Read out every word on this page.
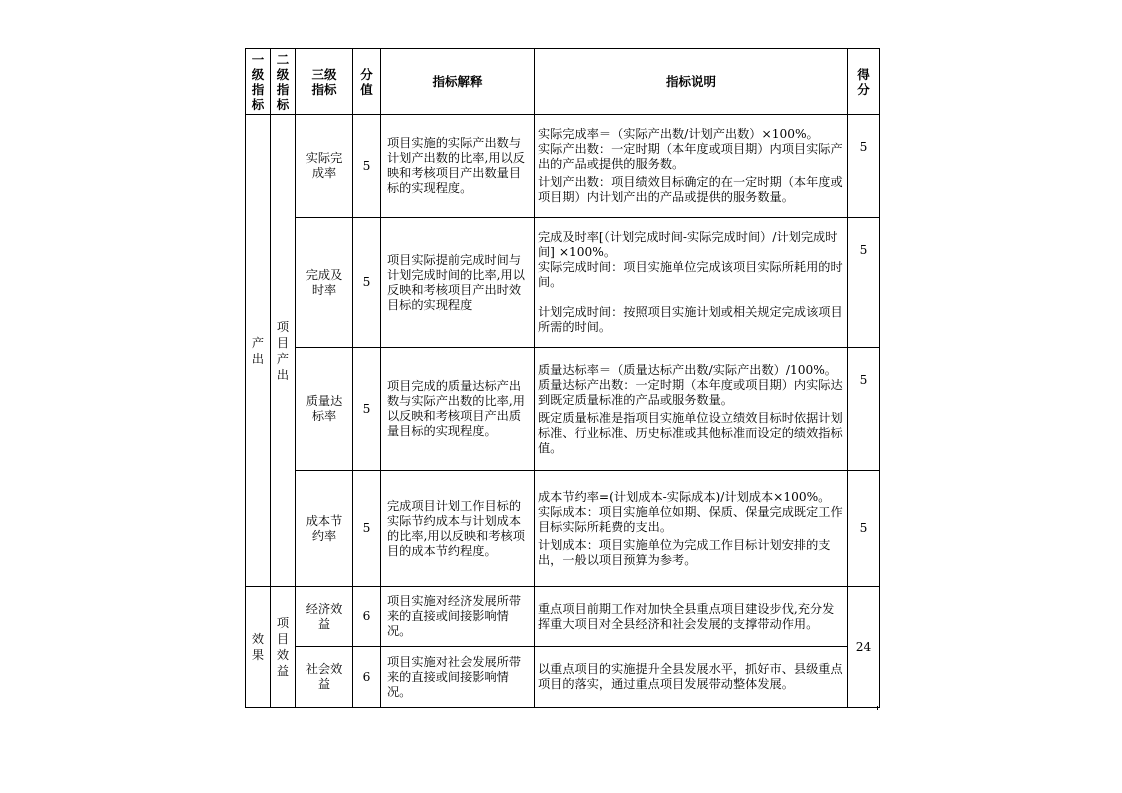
一级指标	二级指标	三级指标	分值	指标解释	指标说明	得分

产出	项目产出	实际完成率	5	项目实施的实际产出数与计划产出数的比率,用以反映和考核项目产出数量目标的实现程度。	实际完成率＝（实际产出数/计划产出数）×100%。

实际产出数：一定时期（本年度或项目期）内项目实际产出的产品或提供的服务数。

计划产出数：项目绩效目标确定的在一定时期（本年度或项目期）内计划产出的产品或提供的服务数量。	5

		完成及时率	5	项目实际提前完成时间与计划完成时间的比率,用以反映和考核项目产出时效目标的实现程度	完成及时率[（计划完成时间-实际完成时间）/计划完成时间] ×100%。

实际完成时间：项目实施单位完成该项目实际所耗用的时间。

计划完成时间：按照项目实施计划或相关规定完成该项目所需的时间。	5

		质量达标率	5	项目完成的质量达标产出数与实际产出数的比率,用以反映和考核项目产出质量目标的实现程度。	质量达标率＝（质量达标产出数/实际产出数）/100%。

质量达标产出数：一定时期（本年度或项目期）内实际达到既定质量标准的产品或服务数量。

既定质量标准是指项目实施单位设立绩效目标时依据计划标准、行业标准、历史标准或其他标准而设定的绩效指标值。	5

		成本节约率	5	完成项目计划工作目标的实际节约成本与计划成本的比率,用以反映和考核项目的成本节约程度。	成本节约率=(计划成本-实际成本)/计划成本×100%。

实际成本：项目实施单位如期、保质、保量完成既定工作目标实际所耗费的支出。

计划成本：项目实施单位为完成工作目标计划安排的支出，一般以项目预算为参考。	5
效果	项目效益	经济效益	6	项目实施对经济发展所带来的直接或间接影响情况。	重点项目前期工作对加快全县重点项目建设步伐,充分发挥重大项目对全县经济和社会发展的支撑带动作用。	24

		社会效益	6	项目实施对社会发展所带来的直接或间接影响情况。	以重点项目的实施提升全县发展水平，抓好市、县级重点项目的落实，通过重点项目发展带动整体发展。	
